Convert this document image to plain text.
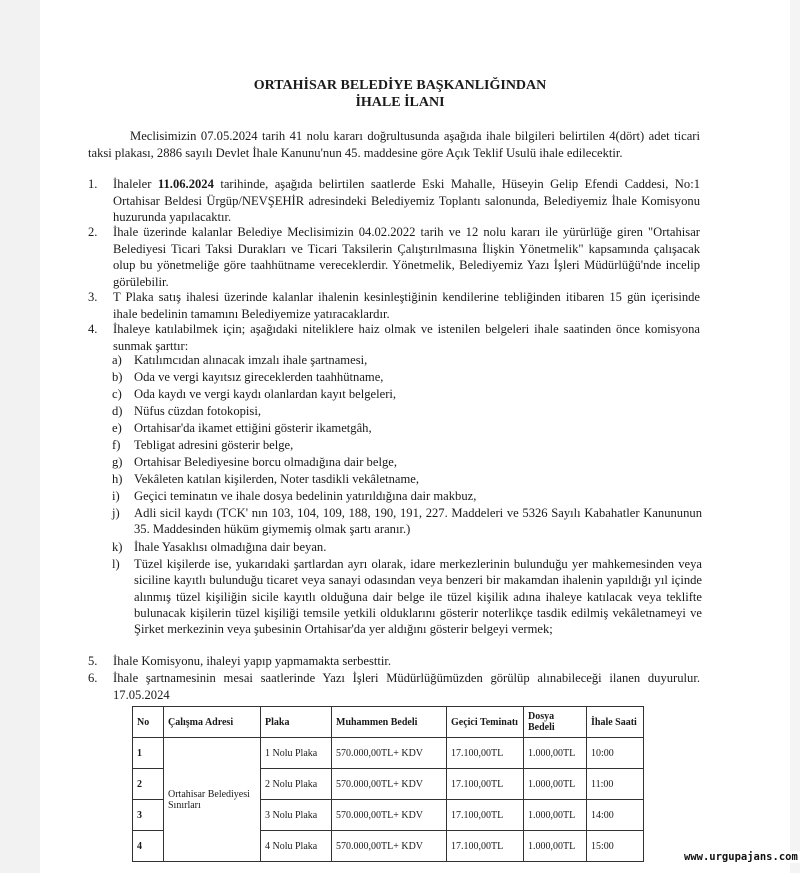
ORTAHİSAR BELEDİYE BAŞKANLIĞINDAN
İHALE İLANI
Meclisimizin 07.05.2024 tarih 41 nolu kararı doğrultusunda aşağıda ihale bilgileri belirtilen 4(dört) adet ticari taksi plakası, 2886 sayılı Devlet İhale Kanunu'nun 45. maddesine göre Açık Teklif Usulü ihale edilecektir.
1.	İhaleler 11.06.2024 tarihinde, aşağıda belirtilen saatlerde Eski Mahalle, Hüseyin Gelip Efendi Caddesi, No:1 Ortahisar Beldesi Ürgüp/NEVŞEHİR adresindeki Belediyemiz Toplantı salonunda, Belediyemiz İhale Komisyonu huzurunda yapılacaktır.
2.	İhale üzerinde kalanlar Belediye Meclisimizin 04.02.2022 tarih ve 12 nolu kararı ile yürürlüğe giren "Ortahisar Belediyesi Ticari Taksi Durakları ve Ticari Taksilerin Çalıştırılmasına İlişkin Yönetmelik" kapsamında çalışacak olup bu yönetmeliğe göre taahhütname vereceklerdir. Yönetmelik, Belediyemiz Yazı İşleri Müdürlüğü'nde incelip görülebilir.
3.	T Plaka satış ihalesi üzerinde kalanlar ihalenin kesinleştiğinin kendilerine tebliğinden itibaren 15 gün içerisinde ihale bedelinin tamamını Belediyemize yatıracaklardır.
4.	İhaleye katılabilmek için; aşağıdaki niteliklere haiz olmak ve istenilen belgeleri ihale saatinden önce komisyona sunmak şarttır:
a) Katılımcıdan alınacak imzalı ihale şartnamesi,
b) Oda ve vergi kayıtsız gireceklerden taahhütname,
c) Oda kaydı ve vergi kaydı olanlardan kayıt belgeleri,
d) Nüfus cüzdan fotokopisi,
e) Ortahisar'da ikamet ettiğini gösterir ikametgâh,
f)	Tebligat adresini gösterir belge,
g) Ortahisar Belediyesine borcu olmadığına dair belge,
h) Vekâleten katılan kişilerden, Noter tasdikli vekâletname,
i)	Geçici teminatın ve ihale dosya bedelinin yatırıldığına dair makbuz,
j)	Adli sicil kaydı (TCK' nın 103, 104, 109, 188, 190, 191, 227. Maddeleri ve 5326 Sayılı Kabahatler Kanununun 35. Maddesinden hüküm giymemiş olmak şartı aranır.)
k) İhale Yasaklısı olmadığına dair beyan.
l)	Tüzel kişilerde ise, yukarıdaki şartlardan ayrı olarak, idare merkezlerinin bulunduğu yer mahkemesinden veya siciline kayıtlı bulunduğu ticaret veya sanayi odasından veya benzeri bir makamdan ihalenin yapıldığı yıl içinde alınmış tüzel kişiliğin sicile kayıtlı olduğuna dair belge ile tüzel kişilik adına ihaleye katılacak veya teklifte bulunacak kişilerin tüzel kişiliği temsile yetkili olduklarını gösterir noterlikçe tasdik edilmiş vekâletnameyi ve Şirket merkezinin veya şubesinin Ortahisar'da yer aldığını gösterir belgeyi vermek;
5.	İhale Komisyonu, ihaleyi yapıp yapmamakta serbesttir.
6.	İhale şartnamesinin mesai saatlerinde Yazı İşleri Müdürlüğümüzden görülüp alınabileceği ilanen duyurulur. 17.05.2024
No	Çalışma Adresi	Plaka	Muhammen Bedeli	Geçici Teminatı	Dosya Bedeli	İhale Saati
1	Ortahisar Belediyesi Sınırları	1 Nolu Plaka	570.000,00TL+ KDV	17.100,00TL	1.000,00TL	10:00
2		2 Nolu Plaka	570.000,00TL+ KDV	17.100,00TL	1.000,00TL	11:00
3		3 Nolu Plaka	570.000,00TL+ KDV	17.100,00TL	1.000,00TL	14:00
4		4 Nolu Plaka	570.000,00TL+ KDV	17.100,00TL	1.000,00TL	15:00
www.urgupajans.com
